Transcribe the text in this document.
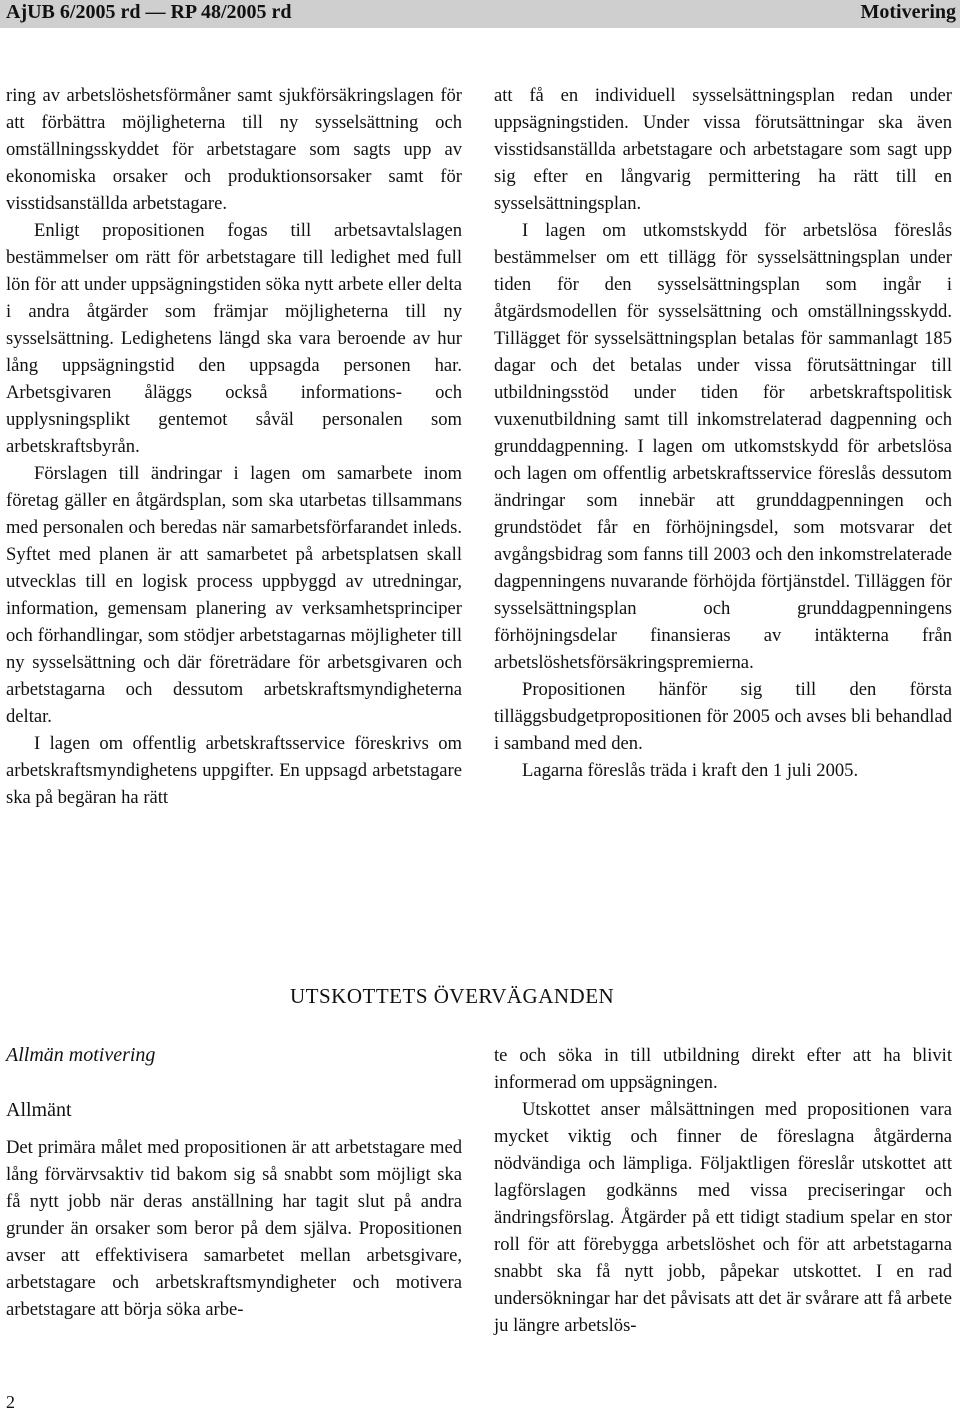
AjUB 6/2005 rd — RP 48/2005 rd	Motivering

ring av arbetslöshetsförmåner samt sjukförsäkringslagen för att förbättra möjligheterna till ny sysselsättning och omställningsskyddet för arbetstagare som sagts upp av ekonomiska orsaker och produktionsorsaker samt för visstidsanställda arbetstagare.

Enligt propositionen fogas till arbetsavtalslagen bestämmelser om rätt för arbetstagare till ledighet med full lön för att under uppsägningstiden söka nytt arbete eller delta i andra åtgärder som främjar möjligheterna till ny sysselsättning. Ledighetens längd ska vara beroende av hur lång uppsägningstid den uppsagda personen har. Arbetsgivaren åläggs också informations- och upplysningsplikt gentemot såväl personalen som arbetskraftsbyrån.

Förslagen till ändringar i lagen om samarbete inom företag gäller en åtgärdsplan, som ska utarbetas tillsammans med personalen och beredas när samarbetsförfarandet inleds. Syftet med planen är att samarbetet på arbetsplatsen skall utvecklas till en logisk process uppbyggd av utredningar, information, gemensam planering av verksamhetsprinciper och förhandlingar, som stödjer arbetstagarnas möjligheter till ny sysselsättning och där företrädare för arbetsgivaren och arbetstagarna och dessutom arbetskraftsmyndigheterna deltar.

I lagen om offentlig arbetskraftsservice föreskrivs om arbetskraftsmyndighetens uppgifter. En uppsagd arbetstagare ska på begäran ha rätt

att få en individuell sysselsättningsplan redan under uppsägningstiden. Under vissa förutsättningar ska även visstidsanställda arbetstagare och arbetstagare som sagt upp sig efter en långvarig permittering ha rätt till en sysselsättningsplan.

I lagen om utkomstskydd för arbetslösa föreslås bestämmelser om ett tillägg för sysselsättningsplan under tiden för den sysselsättningsplan som ingår i åtgärdsmodellen för sysselsättning och omställningsskydd. Tillägget för sysselsättningsplan betalas för sammanlagt 185 dagar och det betalas under vissa förutsättningar till utbildningsstöd under tiden för arbetskraftspolitisk vuxenutbildning samt till inkomstrelaterad dagpenning och grunddagpenning. I lagen om utkomstskydd för arbetslösa och lagen om offentlig arbetskraftsservice föreslås dessutom ändringar som innebär att grunddagpenningen och grundstödet får en förhöjningsdel, som motsvarar det avgångsbidrag som fanns till 2003 och den inkomstrelaterade dagpenningens nuvarande förhöjda förtjänstdel. Tilläggen för sysselsättningsplan och grunddagpenningens förhöjningsdelar finansieras av intäkterna från arbetslöshetsförsäkringspremierna.

Propositionen hänför sig till den första tilläggsbudgetpropositionen för 2005 och avses bli behandlad i samband med den.

Lagarna föreslås träda i kraft den 1 juli 2005.

UTSKOTTETS ÖVERVÄGANDEN

Allmän motivering

Allmänt

Det primära målet med propositionen är att arbetstagare med lång förvärvsaktiv tid bakom sig så snabbt som möjligt ska få nytt jobb när deras anställning har tagit slut på andra grunder än orsaker som beror på dem själva. Propositionen avser att effektivisera samarbetet mellan arbetsgivare, arbetstagare och arbetskraftsmyndigheter och motivera arbetstagare att börja söka arbe-

te och söka in till utbildning direkt efter att ha blivit informerad om uppsägningen.

Utskottet anser målsättningen med propositionen vara mycket viktig och finner de föreslagna åtgärderna nödvändiga och lämpliga. Följaktligen föreslår utskottet att lagförslagen godkänns med vissa preciseringar och ändringsförslag. Åtgärder på ett tidigt stadium spelar en stor roll för att förebygga arbetslöshet och för att arbetstagarna snabbt ska få nytt jobb, påpekar utskottet. I en rad undersökningar har det påvisats att det är svårare att få arbete ju längre arbetslös-

2
